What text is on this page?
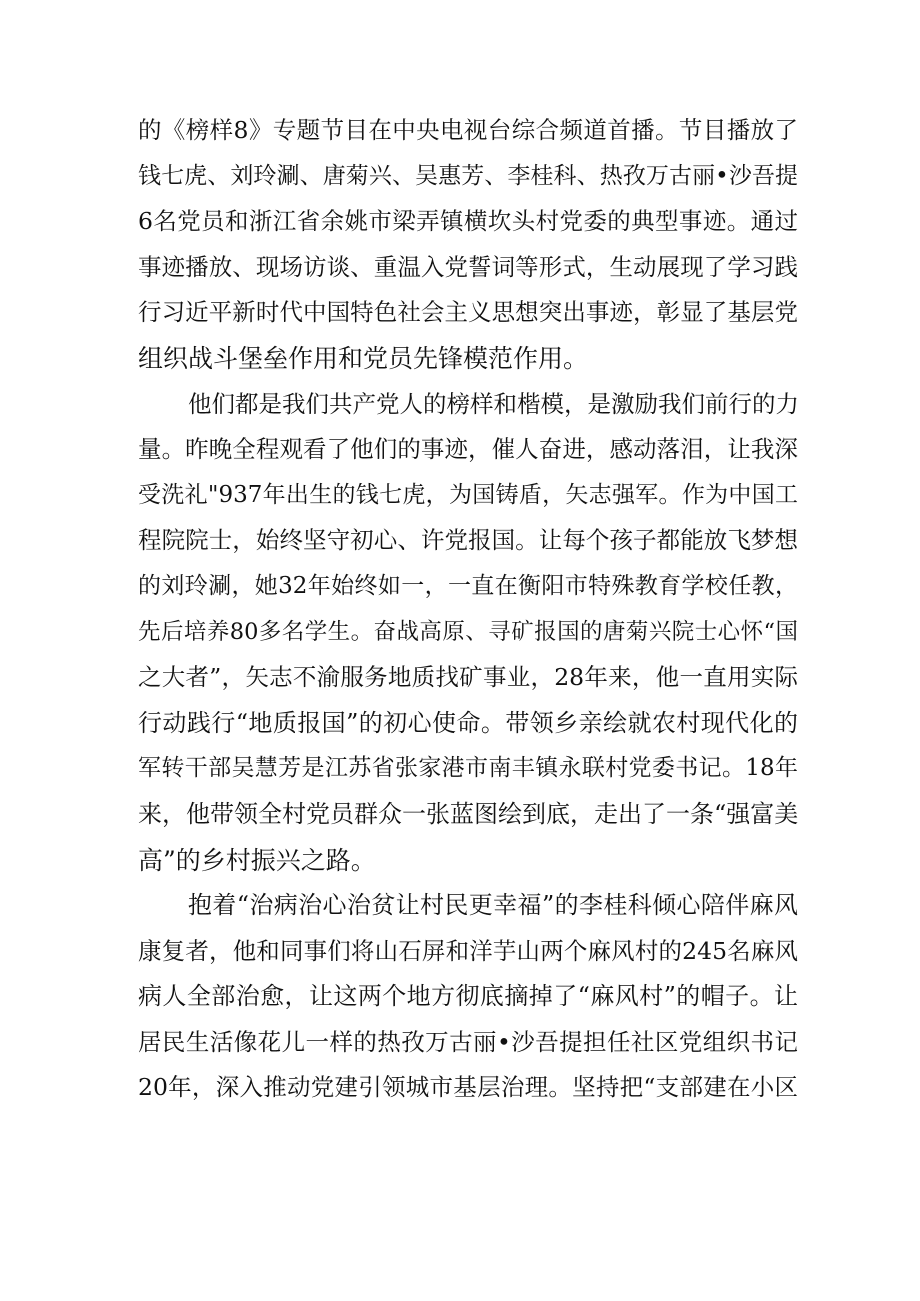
的《榜样8》专题节目在中央电视台综合频道首播。节目播放了
钱七虎、刘玲涮、唐菊兴、吴惠芳、李桂科、热孜万古丽•沙吾提
6名党员和浙江省余姚市梁弄镇横坎头村党委的典型事迹。通过
事迹播放、现场访谈、重温入党誓词等形式，生动展现了学习践
行习近平新时代中国特色社会主义思想突出事迹，彰显了基层党
组织战斗堡垒作用和党员先锋模范作用。
他们都是我们共产党人的榜样和楷模，是激励我们前行的力
量。昨晚全程观看了他们的事迹，催人奋进，感动落泪，让我深
受洗礼"937年出生的钱七虎，为国铸盾，矢志强军。作为中国工
程院院士，始终坚守初心、许党报国。让每个孩子都能放飞梦想
的刘玲涮，她32年始终如一，一直在衡阳市特殊教育学校任教，
先后培养80多名学生。奋战高原、寻矿报国的唐菊兴院士心怀“国
之大者”，矢志不渝服务地质找矿事业，28年来，他一直用实际
行动践行“地质报国”的初心使命。带领乡亲绘就农村现代化的
军转干部吴慧芳是江苏省张家港市南丰镇永联村党委书记。18年
来，他带领全村党员群众一张蓝图绘到底，走出了一条“强富美
高”的乡村振兴之路。
抱着“治病治心治贫让村民更幸福”的李桂科倾心陪伴麻风
康复者，他和同事们将山石屏和洋芋山两个麻风村的245名麻风
病人全部治愈，让这两个地方彻底摘掉了“麻风村”的帽子。让
居民生活像花儿一样的热孜万古丽•沙吾提担任社区党组织书记
20年，深入推动党建引领城市基层治理。坚持把“支部建在小区
